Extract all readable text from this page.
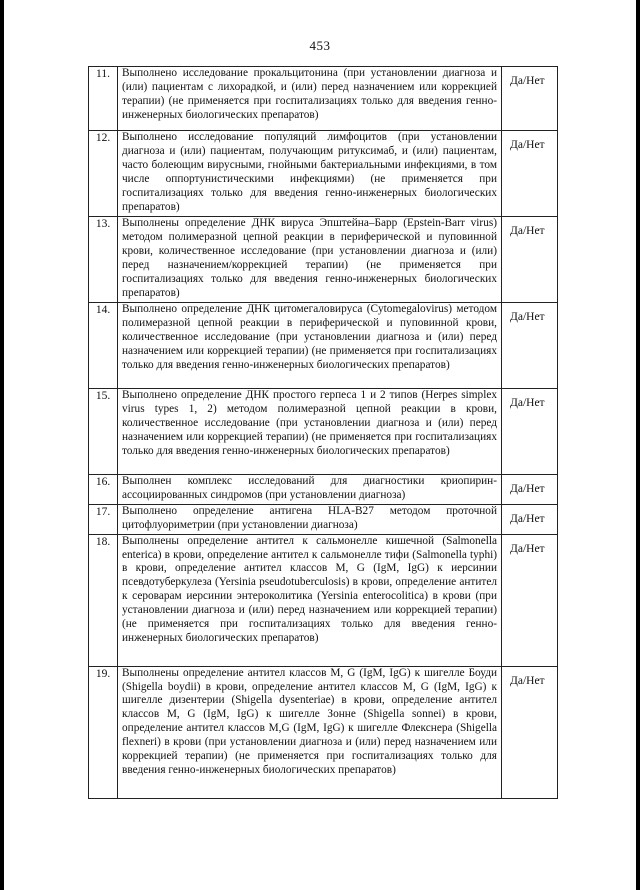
453
11.	Выполнено исследование прокальцитонина (при установлении диагноза и (или) пациентам с лихорадкой, и (или) перед назначением или коррекцией терапии) (не применяется при госпитализациях только для введения генно-инженерных биологических препаратов)	Да/Нет
12.	Выполнено исследование популяций лимфоцитов (при установлении диагноза и (или) пациентам, получающим ритуксимаб, и (или) пациентам, часто болеющим вирусными, гнойными бактериальными инфекциями, в том числе оппортунистическими инфекциями) (не применяется при госпитализациях только для введения генно-инженерных биологических препаратов)	Да/Нет
13.	Выполнены определение ДНК вируса Эпштейна–Барр (Epstein-Barr virus) методом полимеразной цепной реакции в периферической и пуповинной крови, количественное исследование (при установлении диагноза и (или) перед назначением/коррекцией терапии) (не применяется при госпитализациях только для введения генно-инженерных биологических препаратов)	Да/Нет
14.	Выполнено определение ДНК цитомегаловируса (Cytomegalovirus) методом полимеразной цепной реакции в периферической и пуповинной крови, количественное исследование (при установлении диагноза и (или) перед назначением или коррекцией терапии) (не применяется при госпитализациях только для введения генно-инженерных биологических препаратов)	Да/Нет
15.	Выполнено определение ДНК простого герпеса 1 и 2 типов (Herpes simplex virus types 1, 2) методом полимеразной цепной реакции в крови, количественное исследование (при установлении диагноза и (или) перед назначением или коррекцией терапии) (не применяется при госпитализациях только для введения генно-инженерных биологических препаратов)	Да/Нет
16.	Выполнен комплекс исследований для диагностики криопирин-ассоциированных синдромов (при установлении диагноза)	Да/Нет
17.	Выполнено определение антигена HLA-B27 методом проточной цитофлуориметрии (при установлении диагноза)	Да/Нет
18.	Выполнены определение антител к сальмонелле кишечной (Salmonella enterica) в крови, определение антител к сальмонелле тифи (Salmonella typhi) в крови, определение антител классов M, G (IgM, IgG) к иерсинии псевдотуберкулеза (Yersinia pseudotuberculosis) в крови, определение антител к сероварам иерсинии энтероколитика (Yersinia enterocolitica) в крови (при установлении диагноза и (или) перед назначением или коррекцией терапии) (не применяется при госпитализациях только для введения генно-инженерных биологических препаратов)	Да/Нет
19.	Выполнены определение антител классов M, G (IgM, IgG) к шигелле Боуди (Shigella boydii) в крови, определение антител классов M, G (IgM, IgG) к шигелле дизентерии (Shigella dysenteriae) в крови, определение антител классов M, G (IgM, IgG) к шигелле Зонне (Shigella sonnei) в крови, определение антител классов M,G (IgM, IgG) к шигелле Флекснера (Shigella flexneri) в крови (при установлении диагноза и (или) перед назначением или коррекцией терапии) (не применяется при госпитализациях только для введения генно-инженерных биологических препаратов)	Да/Нет
